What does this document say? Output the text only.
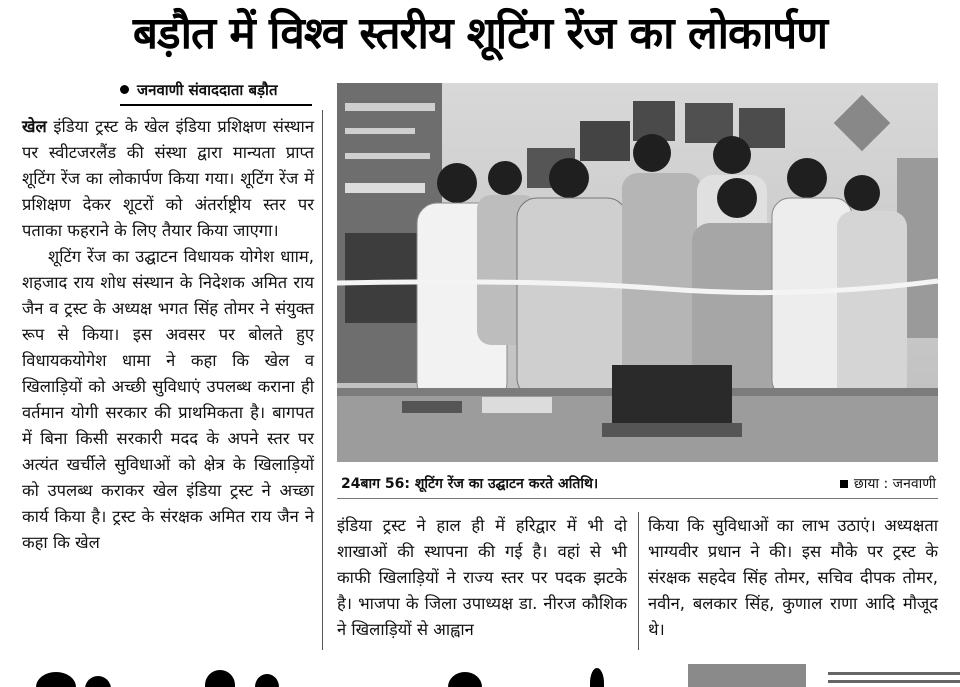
बड़ौत में विश्व स्तरीय शूटिंग रेंज का लोकार्पण
जनवाणी संवाददाता बड़ौत

खेल इंडिया ट्रस्ट के खेल इंडिया प्रशिक्षण संस्थान पर स्वीटजरलैंड की संस्था द्वारा मान्यता प्राप्त शूटिंग रेंज का लोकार्पण किया गया। शूटिंग रेंज में प्रशिक्षण देकर शूटरों को अंतर्राष्ट्रीय स्तर पर पताका फहराने के लिए तैयार किया जाएगा।

शूटिंग रेंज का उद्घाटन विधायक योगेश धााम, शहजाद राय शोध संस्थान के निदेशक अमित राय जैन व ट्रस्ट के अध्यक्ष भगत सिंह तोमर ने संयुक्त रूप से किया। इस अवसर पर बोलते हुए विधायकयोगेश धामा ने कहा कि खेल व खिलाड़ियों को अच्छी सुविधाएं उपलब्ध कराना ही वर्तमान योगी सरकार की प्राथमिकता है। बागपत में बिना किसी सरकारी मदद के अपने स्तर पर अत्यंत खर्चीले सुविधाओं को क्षेत्र के खिलाड़ियों को उपलब्ध कराकर खेल इंडिया ट्रस्ट ने अच्छा कार्य किया है। ट्रस्ट के संरक्षक अमित राय जैन ने कहा कि खेल

24बाग 56: शूटिंग रेंज का उद्घाटन करते अतिथि।	छाया : जनवाणी

इंडिया ट्रस्ट ने हाल ही में हरिद्वार में भी दो शाखाओं की स्थापना की गई है। वहां से भी काफी खिलाड़ियों ने राज्य स्तर पर पदक झटके है। भाजपा के जिला उपाध्यक्ष डा. नीरज कौशिक ने खिलाड़ियों से आह्वान

किया कि सुविधाओं का लाभ उठाएं। अध्यक्षता भाग्यवीर प्रधान ने की। इस मौके पर ट्रस्ट के संरक्षक सहदेव सिंह तोमर, सचिव दीपक तोमर, नवीन, बलकार सिंह, कुणाल राणा आदि मौजूद थे।
